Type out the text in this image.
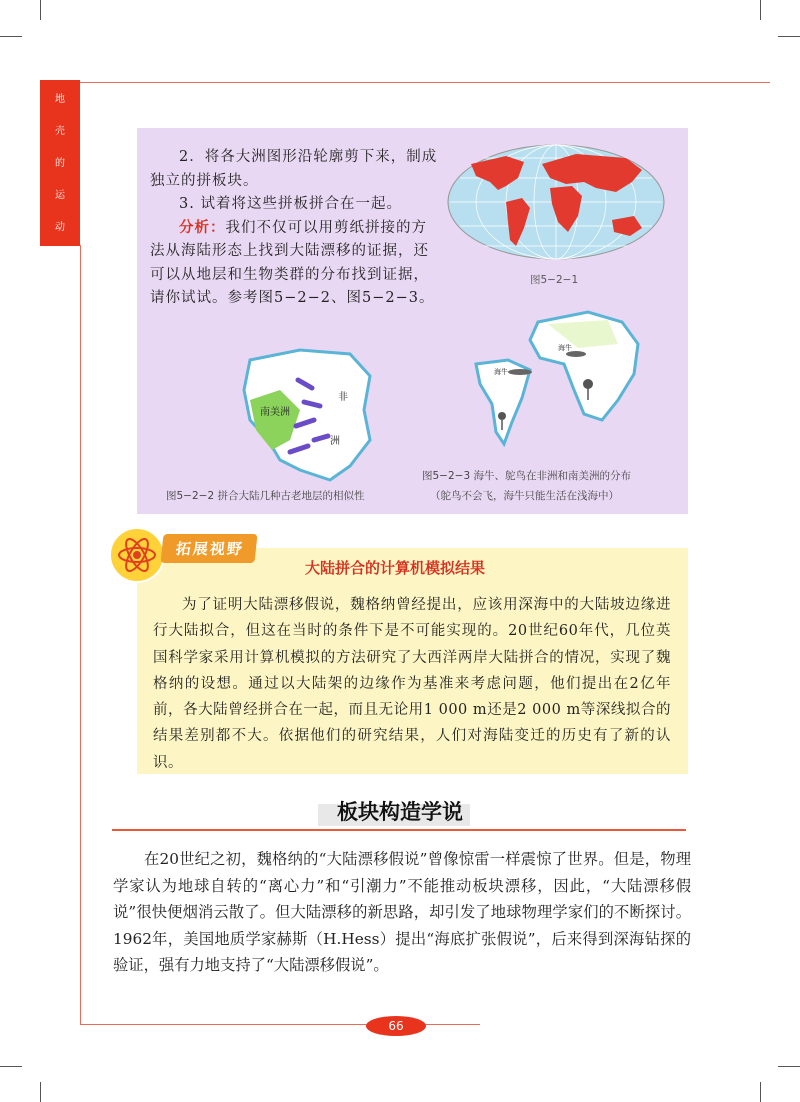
地
壳
的
运
动

2．将各大洲图形沿轮廓剪下来，制成独立的拼板块。

3. 试着将这些拼板拼合在一起。

分析：我们不仅可以用剪纸拼接的方法从海陆形态上找到大陆漂移的证据，还可以从地层和生物类群的分布找到证据，请你试试。参考图5−2−2、图5−2−3。

图5−2−1
南美洲
非
洲
图5−2−2 拼合大陆几种古老地层的相似性
海牛
海牛
图5−2−3 海牛、鸵鸟在非洲和南美洲的分布
（鸵鸟不会飞，海牛只能生活在浅海中）
拓展视野
大陆拼合的计算机模拟结果
为了证明大陆漂移假说，魏格纳曾经提出，应该用深海中的大陆坡边缘进行大陆拟合，但这在当时的条件下是不可能实现的。20世纪60年代，几位英国科学家采用计算机模拟的方法研究了大西洋两岸大陆拼合的情况，实现了魏格纳的设想。通过以大陆架的边缘作为基准来考虑问题，他们提出在2亿年前，各大陆曾经拼合在一起，而且无论用1 000 m还是2 000 m等深线拟合的结果差别都不大。依据他们的研究结果，人们对海陆变迁的历史有了新的认识。
板块构造学说
在20世纪之初，魏格纳的“大陆漂移假说”曾像惊雷一样震惊了世界。但是，物理学家认为地球自转的“离心力”和“引潮力”不能推动板块漂移，因此，“大陆漂移假说”很快便烟消云散了。但大陆漂移的新思路，却引发了地球物理学家们的不断探讨。1962年，美国地质学家赫斯（H.Hess）提出“海底扩张假说”，后来得到深海钻探的验证，强有力地支持了“大陆漂移假说”。
66
